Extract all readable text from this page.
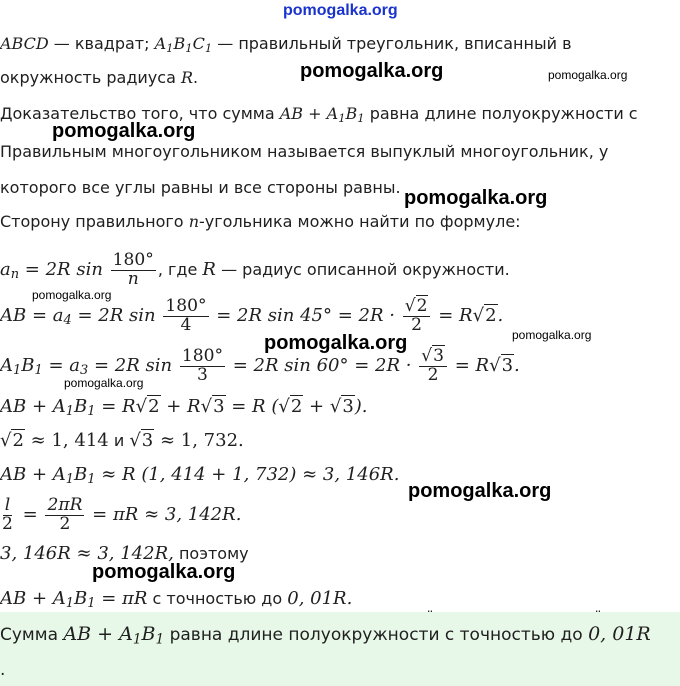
pomogalka.org
ABCD — квадрат; $A_1B_1C_1$ — правильный треугольник, вписанный в
окружность радиуса R.	pomogalka.org	pomogalka.org
Доказательство того, что сумма AB + $A_1B_1$ равна длине полуокружности с
pomogalka.org
Правильным многоугольником называется выпуклый многоугольник, у
которого все углы равны и все стороны равны. pomogalka.org
Сторону правильного n-угольника можно найти по формуле:
$a_n = 2R$ $\sin \frac{180^\circ}{n}$ , где R — радиус описанной окружности.
pomogalka.org
AB = $a_4 = 2R$ $\sin \frac{180^\circ}{4} = 2R$ $\sin 45^\circ = 2R \cdot \frac{√2}{2} = R√2$.
pomogalka.org
pomogalka.org
$A_1B_1 = a_3 = 2R$ $\sin \frac{180^\circ}{3} = 2R$ $\sin 60^\circ = 2R \cdot \frac{√3}{2} = R√3$.
pomogalka.org
AB + $A_1B_1 = R√2 + R√3 = R$ (√2 + √3).
√2 ≈ 1, 414 и √3 ≈ 1, 732.
AB + $A_1B_1 \approx R$ (1, 414 + 1, 732) ≈ 3, 146R.
pomogalka.org
$\frac{l}{2} = \frac{2\pi R}{2} = \pi R \approx 3$, 142R.
3, 146R ≈ 3, 142R, поэтому
pomogalka.org
AB + $A_1B_1 = \pi R$ с точностью до 0, 01R.
Сумма AB + $A_1B_1$ равна длине полуокружности с точностью до 0, 01R
.
